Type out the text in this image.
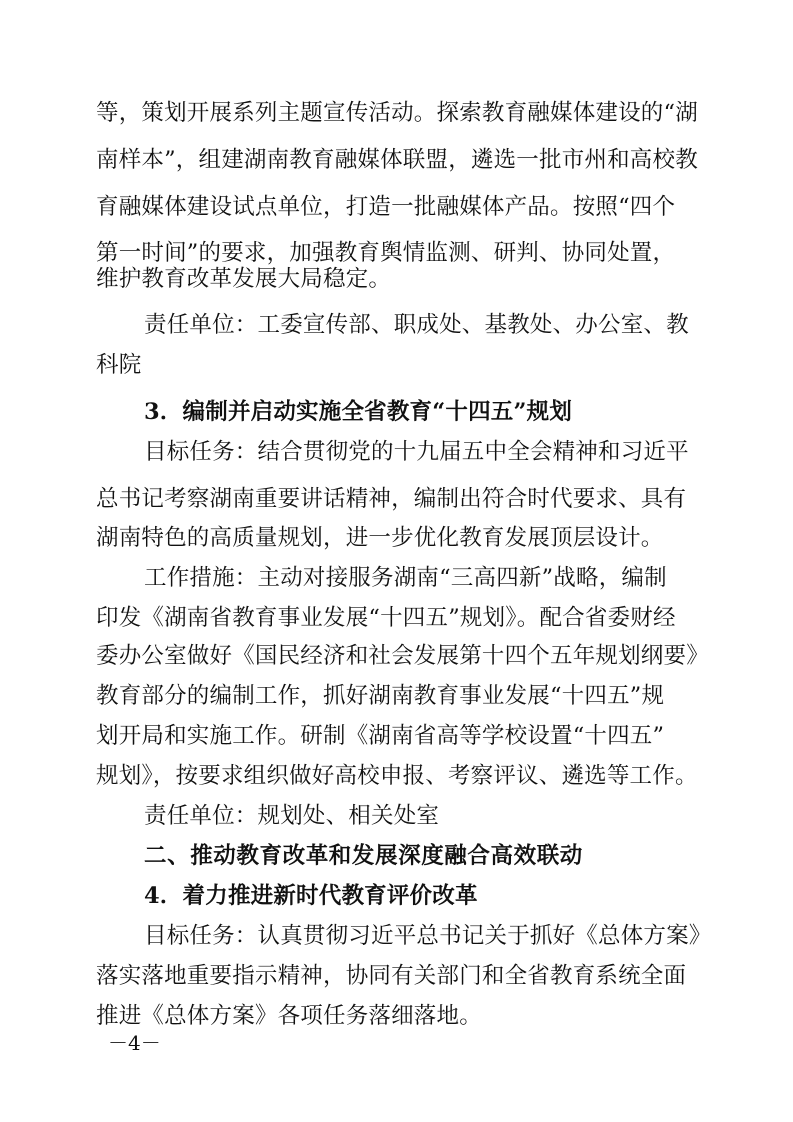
等，策划开展系列主题宣传活动。探索教育融媒体建设的“湖
南样本”，组建湖南教育融媒体联盟，遴选一批市州和高校教
育融媒体建设试点单位，打造一批融媒体产品。按照“四个
第一时间”的要求，加强教育舆情监测、研判、协同处置，
维护教育改革发展大局稳定。
责任单位：工委宣传部、职成处、基教处、办公室、教
科院
3．编制并启动实施全省教育“十四五”规划
目标任务：结合贯彻党的十九届五中全会精神和习近平
总书记考察湖南重要讲话精神，编制出符合时代要求、具有
湖南特色的高质量规划，进一步优化教育发展顶层设计。
工作措施：主动对接服务湖南“三高四新”战略，编制
印发《湖南省教育事业发展“十四五”规划》。配合省委财经
委办公室做好《国民经济和社会发展第十四个五年规划纲要》
教育部分的编制工作，抓好湖南教育事业发展“十四五”规
划开局和实施工作。研制《湖南省高等学校设置“十四五”
规划》，按要求组织做好高校申报、考察评议、遴选等工作。
责任单位：规划处、相关处室
二、推动教育改革和发展深度融合高效联动
4．着力推进新时代教育评价改革
目标任务：认真贯彻习近平总书记关于抓好《总体方案》
落实落地重要指示精神，协同有关部门和全省教育系统全面
推进《总体方案》各项任务落细落地。
－4－
